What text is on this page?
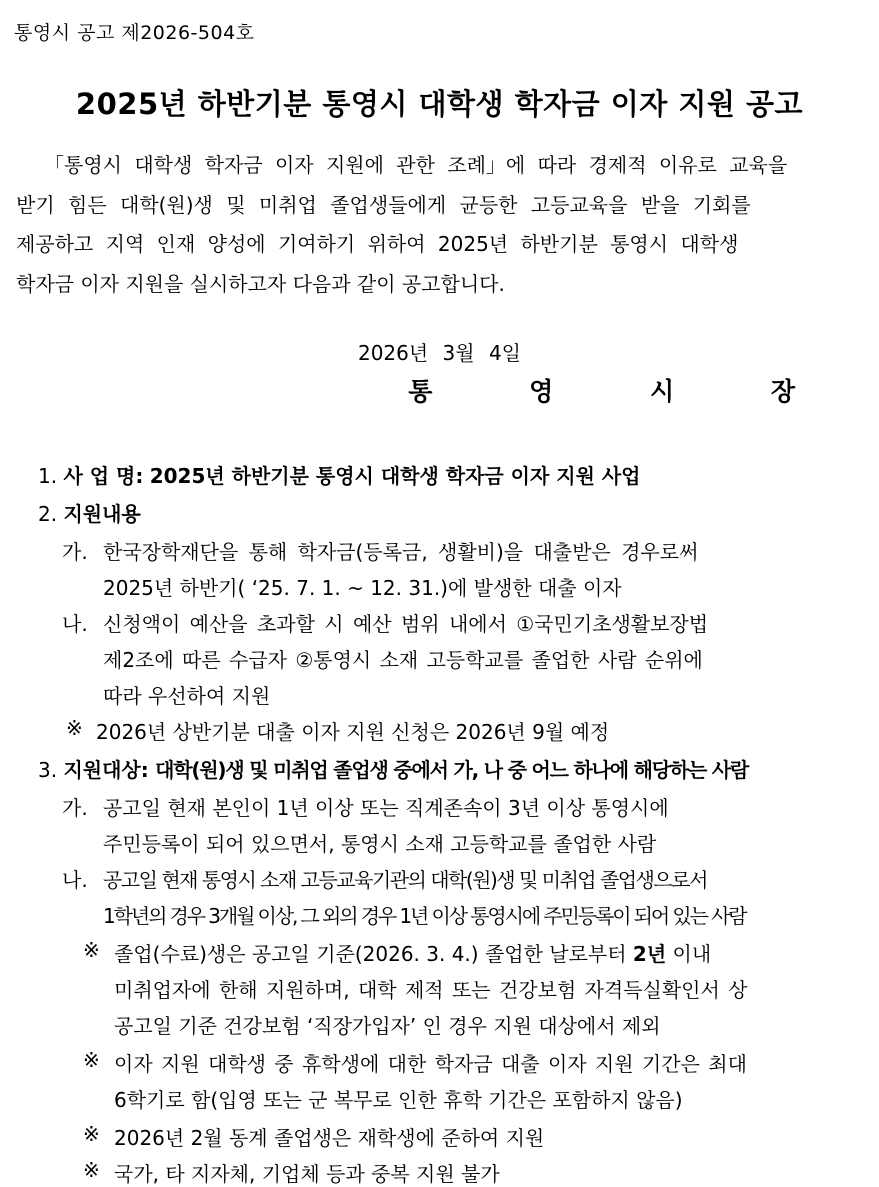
통영시 공고 제2026-504호
2025년 하반기분 통영시 대학생 학자금 이자 지원 공고
「통영시 대학생 학자금 이자 지원에 관한 조례」에 따라 경제적 이유로 교육을
받기 힘든 대학(원)생 및 미취업 졸업생들에게 균등한 고등교육을 받을 기회를
제공하고 지역 인재 양성에 기여하기 위하여 2025년 하반기분 통영시 대학생
학자금 이자 지원을 실시하고자 다음과 같이 공고합니다.
2026년 3월 4일
통 영 시 장
1. 사 업 명: 2025년 하반기분 통영시 대학생 학자금 이자 지원 사업
2. 지원내용
가. 한국장학재단을 통해 학자금(등록금, 생활비)을 대출받은 경우로써
2025년 하반기( ‘25. 7. 1. ~ 12. 31.)에 발생한 대출 이자
나. 신청액이 예산을 초과할 시 예산 범위 내에서 ①국민기초생활보장법
제2조에 따른 수급자 ②통영시 소재 고등학교를 졸업한 사람 순위에
따라 우선하여 지원
※ 2026년 상반기분 대출 이자 지원 신청은 2026년 9월 예정
3. 지원대상: 대학(원)생 및 미취업 졸업생 중에서 가, 나 중 어느 하나에 해당하는 사람
가. 공고일 현재 본인이 1년 이상 또는 직계존속이 3년 이상 통영시에
주민등록이 되어 있으면서, 통영시 소재 고등학교를 졸업한 사람
나. 공고일 현재 통영시 소재 고등교육기관의 대학(원)생 및 미취업 졸업생으로서
1학년의 경우 3개월 이상, 그 외의 경우 1년 이상 통영시에 주민등록이 되어 있는 사람
※ 졸업(수료)생은 공고일 기준(2026. 3. 4.) 졸업한 날로부터 2년 이내
미취업자에 한해 지원하며, 대학 제적 또는 건강보험 자격득실확인서 상
공고일 기준 건강보험 ‘직장가입자’ 인 경우 지원 대상에서 제외
※ 이자 지원 대학생 중 휴학생에 대한 학자금 대출 이자 지원 기간은 최대
6학기로 함(입영 또는 군 복무로 인한 휴학 기간은 포함하지 않음)
※ 2026년 2월 동계 졸업생은 재학생에 준하여 지원
※ 국가, 타 지자체, 기업체 등과 중복 지원 불가
